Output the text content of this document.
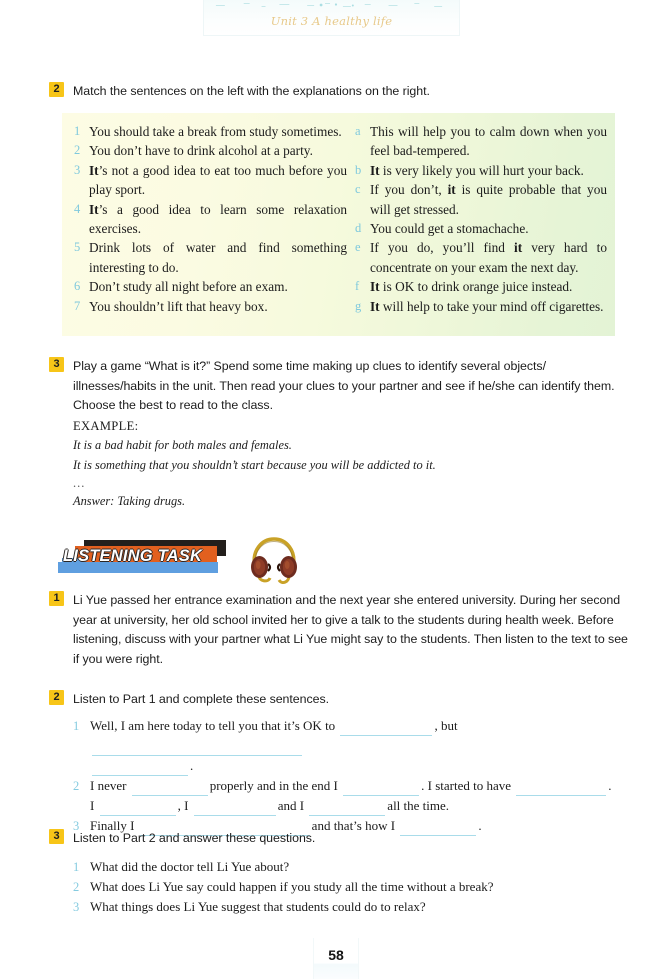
Unit 3 A healthy life
2	Match the sentences on the left with the explanations on the right.
1 You should take a break from study sometimes.
2 You don’t have to drink alcohol at a party.
3 It’s not a good idea to eat too much before you play sport.
4 It’s a good idea to learn some relaxation exercises.
5 Drink lots of water and find something interesting to do.
6 Don’t study all night before an exam.
7 You shouldn’t lift that heavy box.
a This will help you to calm down when you feel bad-tempered.
b It is very likely you will hurt your back.
c If you don’t, it is quite probable that you will get stressed.
d You could get a stomachache.
e If you do, you’ll find it very hard to concentrate on your exam the next day.
f It is OK to drink orange juice instead.
g It will help to take your mind off cigarettes.
3	Play a game “What is it?” Spend some time making up clues to identify several objects/ illnesses/habits in the unit. Then read your clues to your partner and see if he/she can identify them. Choose the best to read to the class.
EXAMPLE:
It is a bad habit for both males and females.
It is something that you shouldn’t start because you will be addicted to it.
...
Answer: Taking drugs.
LISTENING TASK
1	Li Yue passed her entrance examination and the next year she entered university. During her second year at university, her old school invited her to give a talk to the students during health week. Before listening, discuss with your partner what Li Yue might say to the students. Then listen to the text to see if you were right.
2	Listen to Part 1 and complete these sentences.
1 Well, I am here today to tell you that it’s OK to	, but
.
2 I never	properly and in the end I	. I started to have	.
I	, I	and I	all the time.
3 Finally I	and that’s how I	.
3	Listen to Part 2 and answer these questions.
1 What did the doctor tell Li Yue about?
2 What does Li Yue say could happen if you study all the time without a break?
3 What things does Li Yue suggest that students could do to relax?
58
